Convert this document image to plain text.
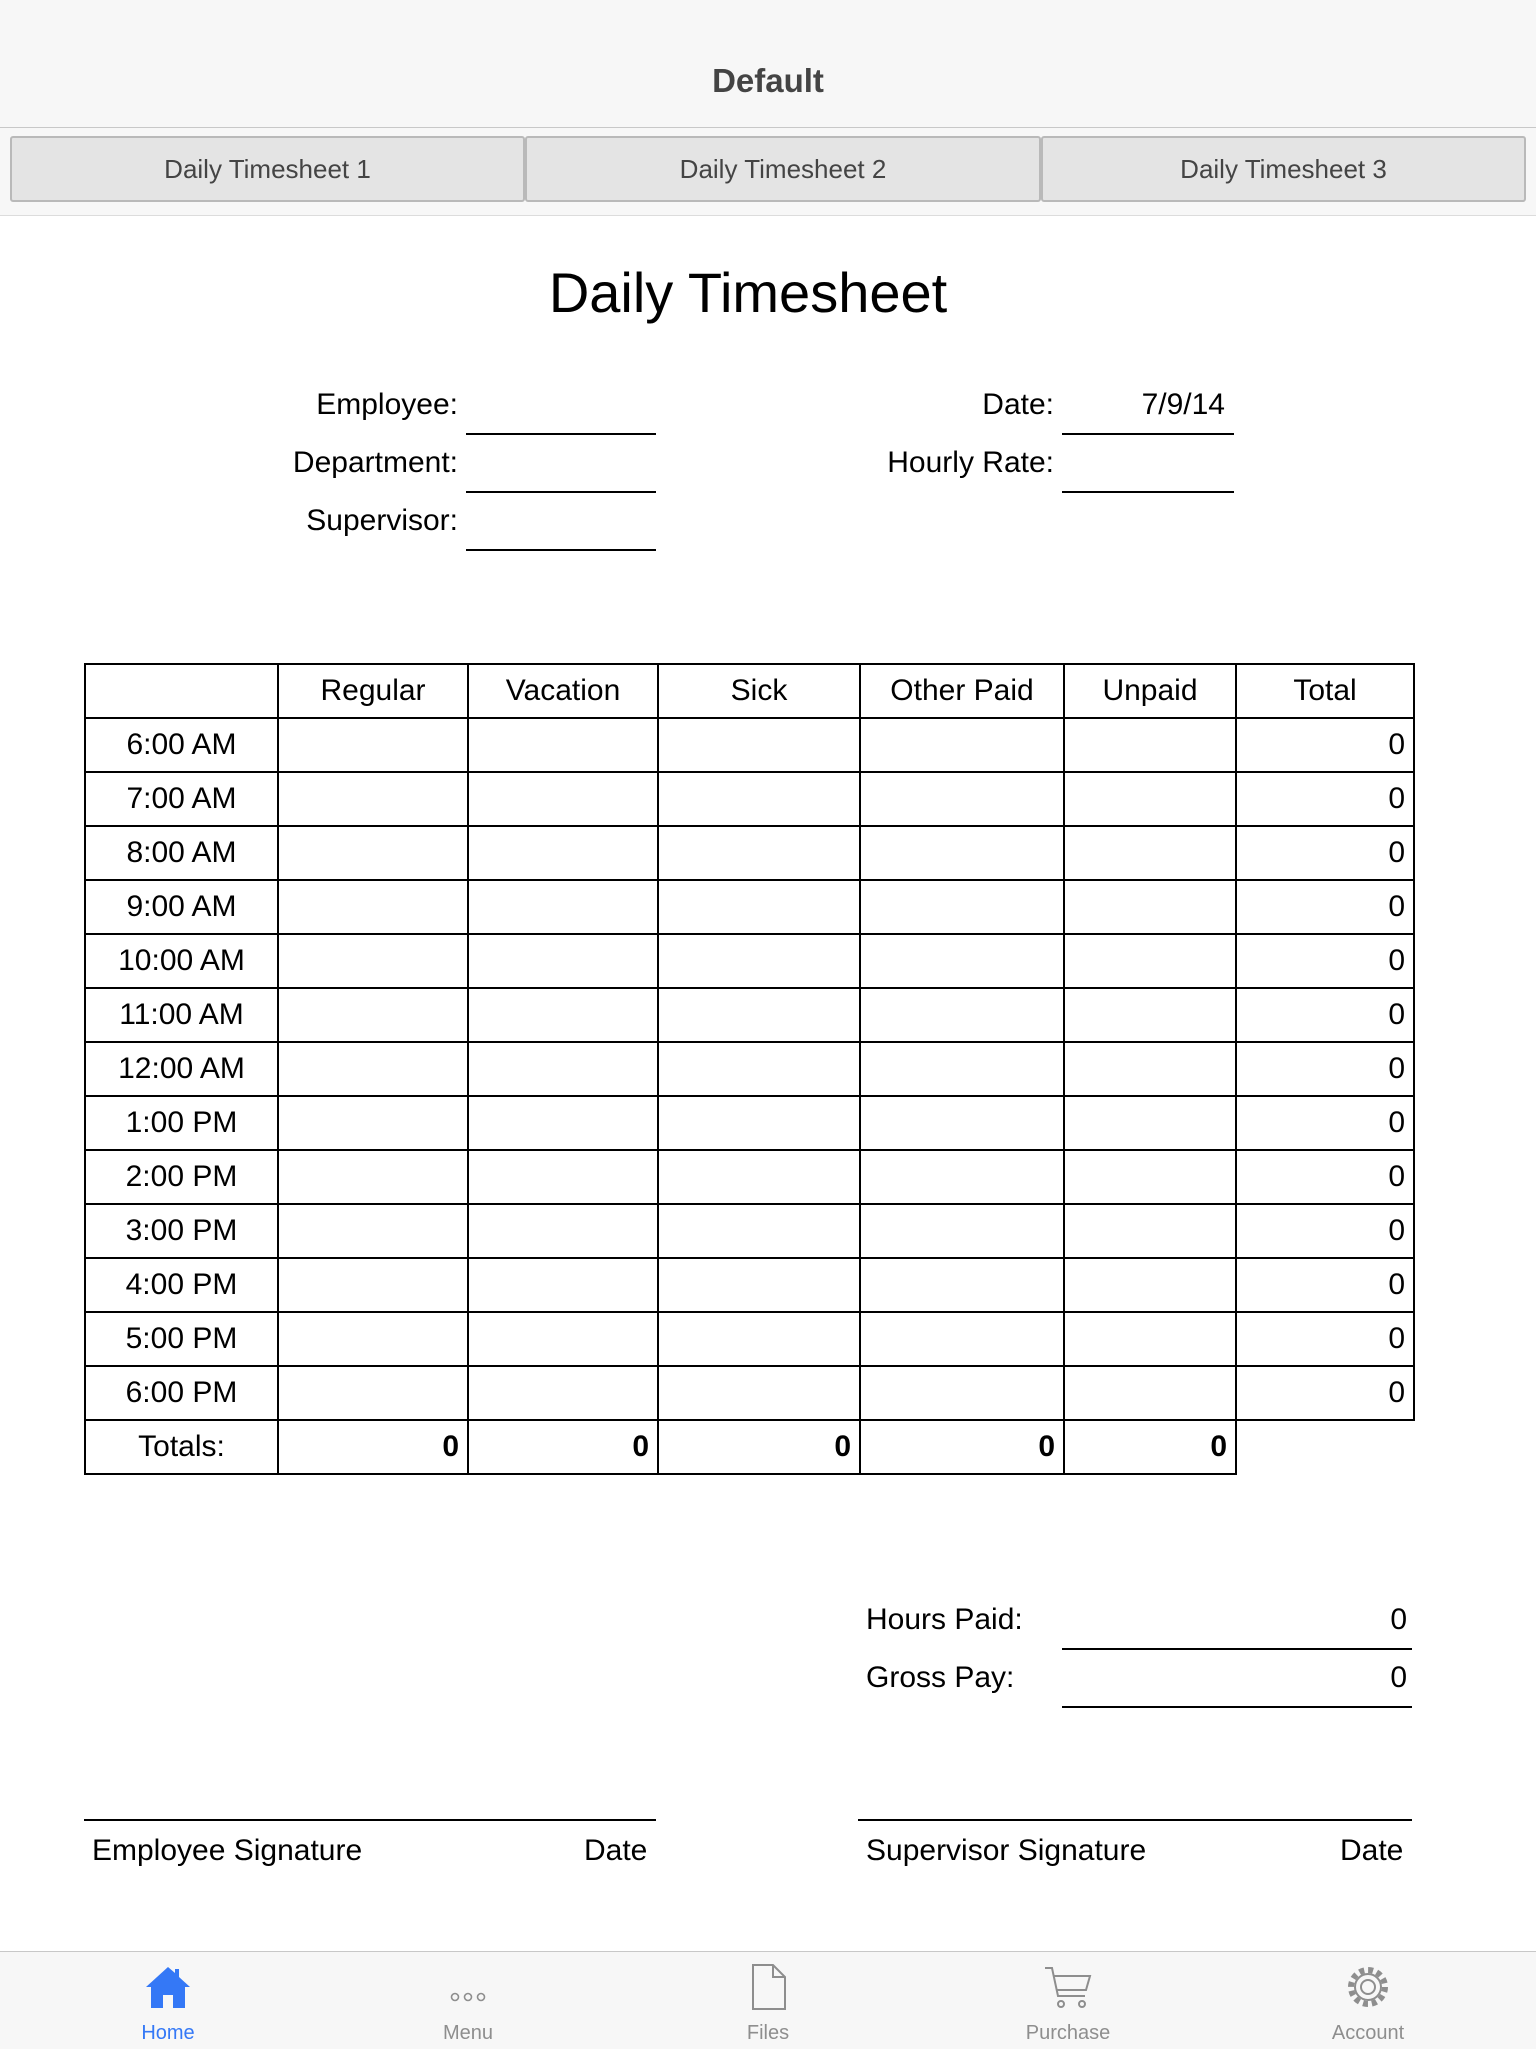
Default
Daily Timesheet 1	Daily Timesheet 2	Daily Timesheet 3
Daily Timesheet
Employee:
Department:
Supervisor:
Date:	7/9/14
Hourly Rate:
	Regular	Vacation	Sick	Other Paid	Unpaid	Total
6:00 AM						0
7:00 AM						0
8:00 AM						0
9:00 AM						0
10:00 AM						0
11:00 AM						0
12:00 AM						0
1:00 PM						0
2:00 PM						0
3:00 PM						0
4:00 PM						0
5:00 PM						0
6:00 PM						0
Totals:	0	0	0	0	0	
Hours Paid:	0
Gross Pay:	0
Employee Signature	Date	Supervisor Signature	Date
Home	Menu	Files	Purchase	Account
